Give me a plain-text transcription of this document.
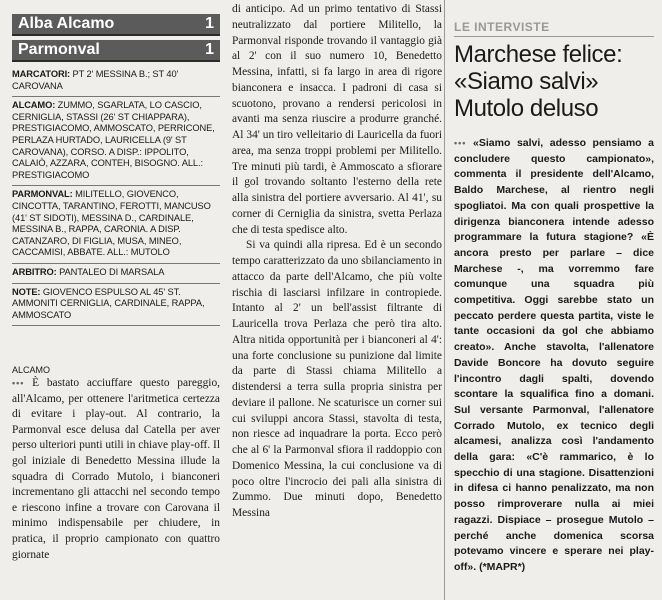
Alba Alcamo	1
Parmonval	1
MARCATORI: PT 2' MESSINA B.; ST 40' CAROVANA
ALCAMO: ZUMMO, SGARLATA, LO CASCIO, CERNIGLIA, STASSI (26' ST CHIAPPARA), PRESTIGIACOMO, AMMOSCATO, PERRICONE, PERLAZA HURTADO, LAURICELLA (9' ST CAROVANA), CORSO. A DISP.: IPPOLITO, CALAIÒ, AZZARA, CONTEH, BISOGNO. ALL.: PRESTIGIACOMO
PARMONVAL: MILITELLO, GIOVENCO, CINCOTTA, TARANTINO, FEROTTI, MANCUSO (41' ST SIDOTI), MESSINA D., CARDINALE, MESSINA B., RAPPA, CARONIA. A DISP. CATANZARO, DI FIGLIA, MUSA, MINEO, CACCAMISI, ABBATE. ALL.: MUTOLO
ARBITRO: PANTALEO DI MARSALA
NOTE: GIOVENCO ESPULSO AL 45' ST. AMMONITI CERNIGLIA, CARDINALE, RAPPA, AMMOSCATO
ALCAMO
••• È bastato acciuffare questo pareggio, all'Alcamo, per ottenere l'aritmetica certezza di evitare i play-out. Al contrario, la Parmonval esce delusa dal Catella per aver perso ulteriori punti utili in chiave play-off. Il gol iniziale di Benedetto Messina illude la squadra di Corrado Mutolo, i bianconeri incrementano gli attacchi nel secondo tempo e riescono infine a trovare con Carovana il minimo indispensabile per chiudere, in pratica, il proprio campionato con quattro giornate

di anticipo. Ad un primo tentativo di Stassi neutralizzato dal portiere Militello, la Parmonval risponde trovando il vantaggio già al 2' con il suo numero 10, Benedetto Messina, infatti, si fa largo in area di rigore bianconera e insacca. I padroni di casa si scuotono, provano a rendersi pericolosi in avanti ma senza riuscire a produrre granché. Al 34' un tiro velleitario di Lauricella da fuori area, ma senza troppi problemi per Militello. Tre minuti più tardi, è Ammoscato a sfiorare il gol trovando soltanto l'esterno della rete alla sinistra del portiere avversario. Al 41', su corner di Cerniglia da sinistra, svetta Perlaza che di testa spedisce alto.

Si va quindi alla ripresa. Ed è un secondo tempo caratterizzato da uno sbilanciamento in attacco da parte dell'Alcamo, che più volte rischia di lasciarsi infilzare in contropiede. Intanto al 2' un bell'assist filtrante di Lauricella trova Perlaza che però tira alto. Altra nitida opportunità per i bianconeri al 4': una forte conclusione su punizione dal limite da parte di Stassi chiama Militello a distendersi a terra sulla propria sinistra per deviare il pallone. Ne scaturisce un corner sui cui sviluppi ancora Stassi, stavolta di testa, non riesce ad inquadrare la porta. Ecco però che al 6' la Parmonval sfiora il raddoppio con Domenico Messina, la cui conclusione va di poco oltre l'incrocio dei pali alla sinistra di Zummo. Due minuti dopo, Benedetto Messina

LE INTERVISTE
Marchese felice:
«Siamo salvi»
Mutolo deluso
••• «Siamo salvi, adesso pensiamo a concludere questo campionato», commenta il presidente dell'Alcamo, Baldo Marchese, al rientro negli spogliatoi. Ma con quali prospettive la dirigenza bianconera intende adesso programmare la futura stagione? «È ancora presto per parlare – dice Marchese -, ma vorremmo fare comunque una squadra più competitiva. Oggi sarebbe stato un peccato perdere questa partita, viste le tante occasioni da gol che abbiamo creato». Anche stavolta, l'allenatore Davide Boncore ha dovuto seguire l'incontro dagli spalti, dovendo scontare la squalifica fino a domani. Sul versante Parmonval, l'allenatore Corrado Mutolo, ex tecnico degli alcamesi, analizza così l'andamento della gara: «C'è rammarico, è lo specchio di una stagione. Disattenzioni in difesa ci hanno penalizzato, ma non posso rimproverare nulla ai miei ragazzi. Dispiace – prosegue Mutolo – perché anche domenica scorsa potevamo vincere e sperare nei play-off». (*MAPR*)
